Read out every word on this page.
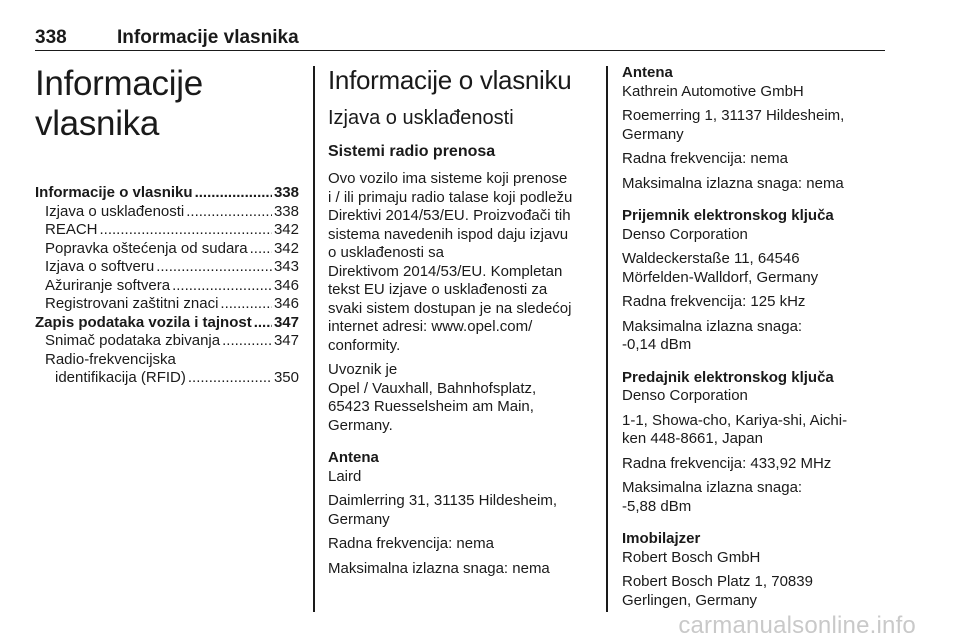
338	Informacije vlasnika
Informacije vlasnika
Informacije o vlasniku .....	338
Izjava o usklađenosti .....	338
REACH .....	342
Popravka oštećenja od sudara ..... 342
Izjava o softveru .....	343
Ažuriranje softvera .....	346
Registrovani zaštitni znaci .....	346
Zapis podataka vozila i tajnost ..... 347
Snimač podataka zbivanja .....	347
Radio-frekvencijska
identifikacija (RFID) .....	350
Informacije o vlasniku
Izjava o usklađenosti
Sistemi radio prenosa

Ovo vozilo ima sisteme koji prenose

i / ili primaju radio talase koji podležu

Direktivi 2014/53/EU. Proizvođači tih

sistema navedenih ispod daju izjavu

o usklađenosti sa

Direktivom 2014/53/EU. Kompletan

tekst EU izjave o usklađenosti za

svaki sistem dostupan je na sledećoj

internet adresi: www.opel.com/

conformity.

Uvoznik je

Opel / Vauxhall, Bahnhofsplatz,

65423 Ruesselsheim am Main,

Germany.

Antena

Laird

Daimlerring 31, 31135 Hildesheim,

Germany

Radna frekvencija: nema

Maksimalna izlazna snaga: nema

Antena

Kathrein Automotive GmbH

Roemerring 1, 31137 Hildesheim,

Germany

Radna frekvencija: nema

Maksimalna izlazna snaga: nema

Prijemnik elektronskog ključa

Denso Corporation

Waldeckerstaße 11, 64546

Mörfelden-Walldorf, Germany

Radna frekvencija: 125 kHz

Maksimalna izlazna snaga:

-0,14 dBm

Predajnik elektronskog ključa

Denso Corporation

1-1, Showa-cho, Kariya-shi, Aichi-

ken 448-8661, Japan

Radna frekvencija: 433,92 MHz

Maksimalna izlazna snaga:

-5,88 dBm

Imobilajzer

Robert Bosch GmbH

Robert Bosch Platz 1, 70839

Gerlingen, Germany

carmanualsonline.info
